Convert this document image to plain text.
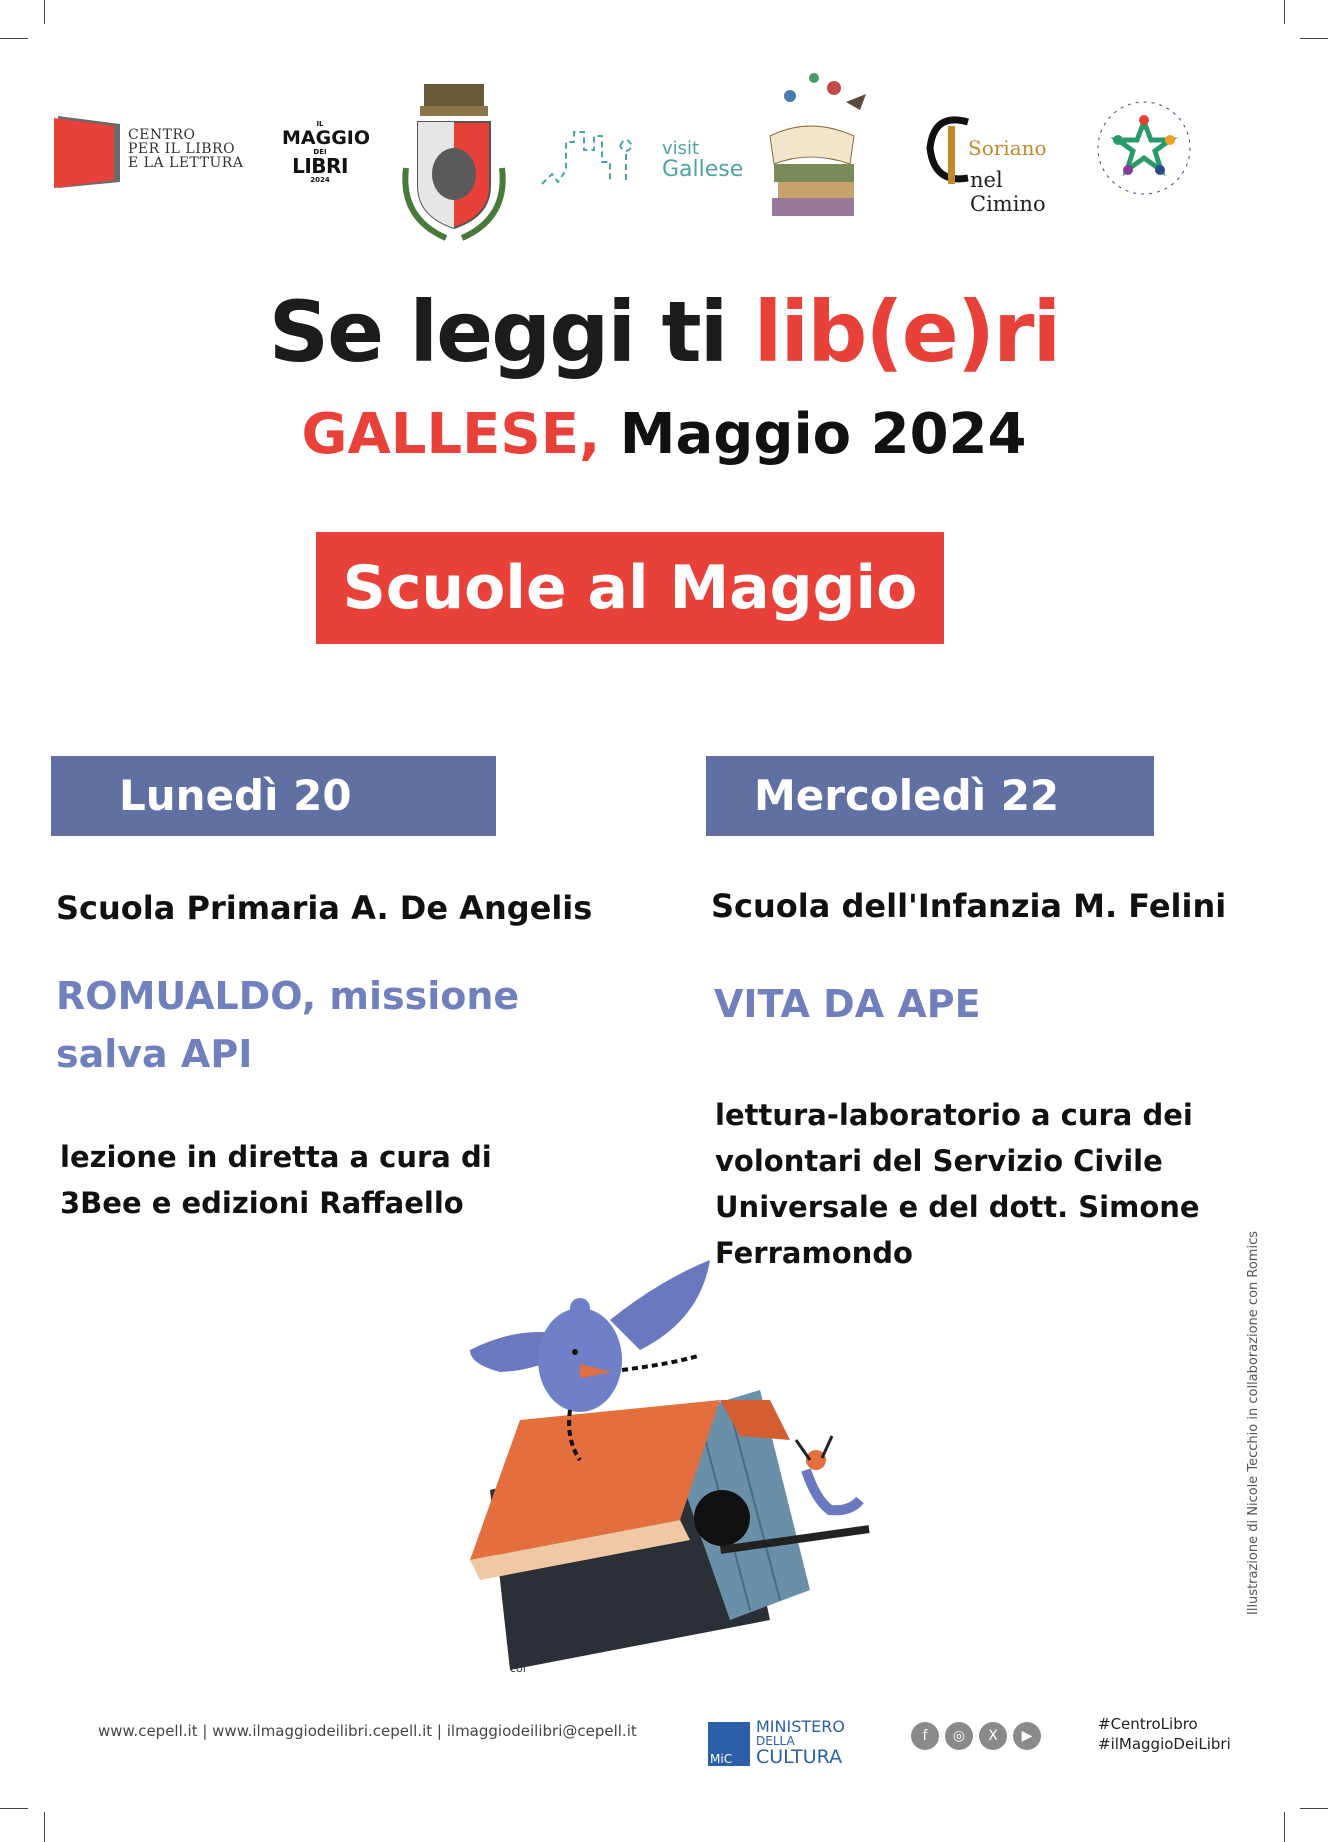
CENTRO
PER IL LIBRO
E LA LETTURA
IL
MAGGIO
DEI
LIBRI
2024
visit
Gallese
Soriano
nel Cimino
Se leggi ti lib(e)ri
GALLESE, Maggio 2024
Scuole al Maggio
Lunedì 20	Mercoledì 22
Scuola Primaria A. De Angelis	Scuola dell'Infanzia M. Felini
ROMUALDO, missione
salva API
VITA DA APE
lezione in diretta a cura di
3Bee e edizioni Raffaello
lettura-laboratorio a cura dei
volontari del Servizio Civile
Universale e del dott. Simone
Ferramondo
col
Illustrazione di Nicole Tecchio in collaborazione con Romics
www.cepell.it | www.ilmaggiodeilibri.cepell.it | ilmaggiodeilibri@cepell.it
MiC
MINISTERO
DELLA
CULTURA
f	◎	X	▶
#CentroLibro
#ilMaggioDeiLibri
